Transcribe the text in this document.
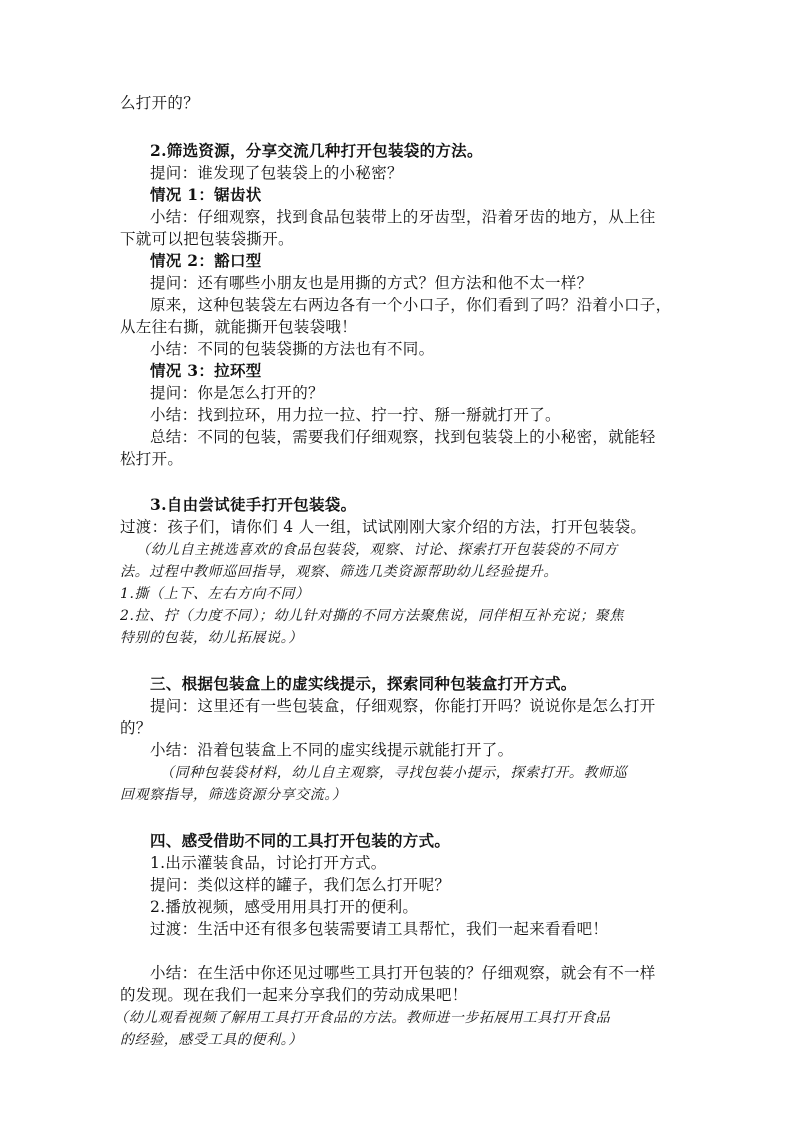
么打开的？

2.筛选资源，分享交流几种打开包装袋的方法。

提问：谁发现了包装袋上的小秘密？

情况 1：锯齿状

小结：仔细观察，找到食品包装带上的牙齿型，沿着牙齿的地方，从上往

下就可以把包装袋撕开。

情况 2：豁口型

提问：还有哪些小朋友也是用撕的方式？但方法和他不太一样？

原来，这种包装袋左右两边各有一个小口子，你们看到了吗？沿着小口子，

从左往右撕，就能撕开包装袋哦！

小结：不同的包装袋撕的方法也有不同。

情况 3：拉环型

提问：你是怎么打开的？

小结：找到拉环，用力拉一拉、拧一拧、掰一掰就打开了。

总结：不同的包装，需要我们仔细观察，找到包装袋上的小秘密，就能轻

松打开。

3.自由尝试徒手打开包装袋。

过渡：孩子们，请你们 4 人一组，试试刚刚大家介绍的方法，打开包装袋。

（幼儿自主挑选喜欢的食品包装袋，观察、讨论、探索打开包装袋的不同方

法。过程中教师巡回指导，观察、筛选几类资源帮助幼儿经验提升。

1.撕（上下、左右方向不同）

2.拉、拧（力度不同）；幼儿针对撕的不同方法聚焦说，同伴相互补充说；聚焦

特别的包装，幼儿拓展说。）

三、根据包装盒上的虚实线提示，探索同种包装盒打开方式。

提问：这里还有一些包装盒，仔细观察，你能打开吗？说说你是怎么打开

的？

小结：沿着包装盒上不同的虚实线提示就能打开了。

（同种包装袋材料，幼儿自主观察，寻找包装小提示，探索打开。教师巡

回观察指导，筛选资源分享交流。）

四、感受借助不同的工具打开包装的方式。

1.出示灌装食品，讨论打开方式。

提问：类似这样的罐子，我们怎么打开呢？

2.播放视频，感受用用具打开的便利。

过渡：生活中还有很多包装需要请工具帮忙，我们一起来看看吧！

小结：在生活中你还见过哪些工具打开包装的？仔细观察，就会有不一样

的发现。现在我们一起来分享我们的劳动成果吧！

（幼儿观看视频了解用工具打开食品的方法。教师进一步拓展用工具打开食品

的经验，感受工具的便利。）
